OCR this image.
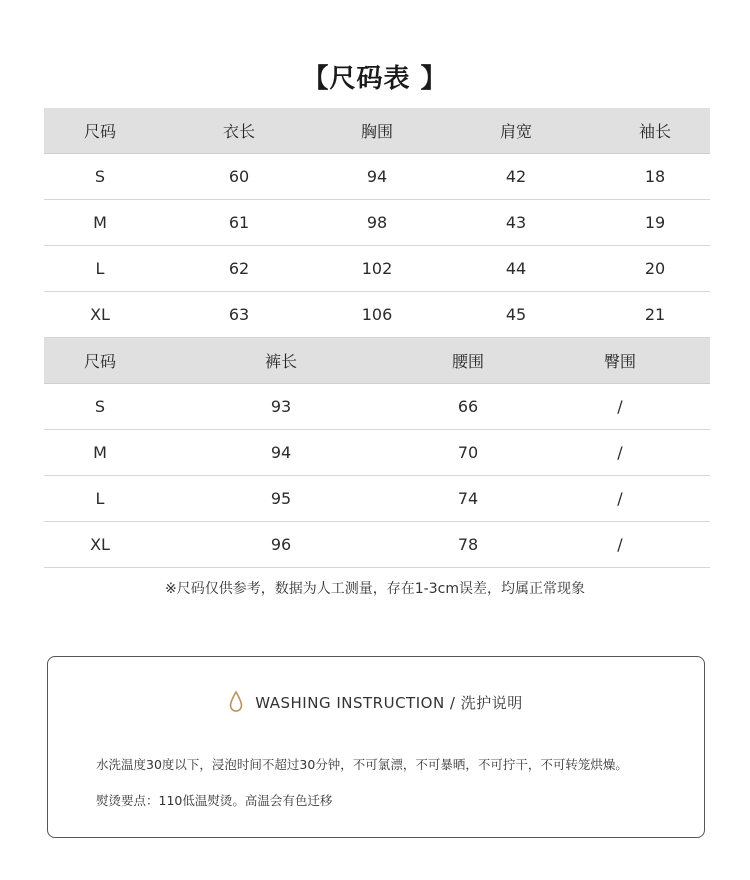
【尺码表 】
尺码	衣长	胸围	肩宽	袖长
S	60	94	42	18
M	61	98	43	19
L	62	102	44	20
XL	63	106	45	21
尺码	裤长	腰围	臀围
S	93	66	/
M	94	70	/
L	95	74	/
XL	96	78	/
※尺码仅供参考，数据为人工测量，存在1-3cm误差，均属正常现象
WASHING INSTRUCTION / 洗护说明
水洗温度30度以下，浸泡时间不超过30分钟，不可氯漂，不可暴晒，不可拧干，不可转笼烘燥。
熨烫要点：110低温熨烫。高温会有色迁移
